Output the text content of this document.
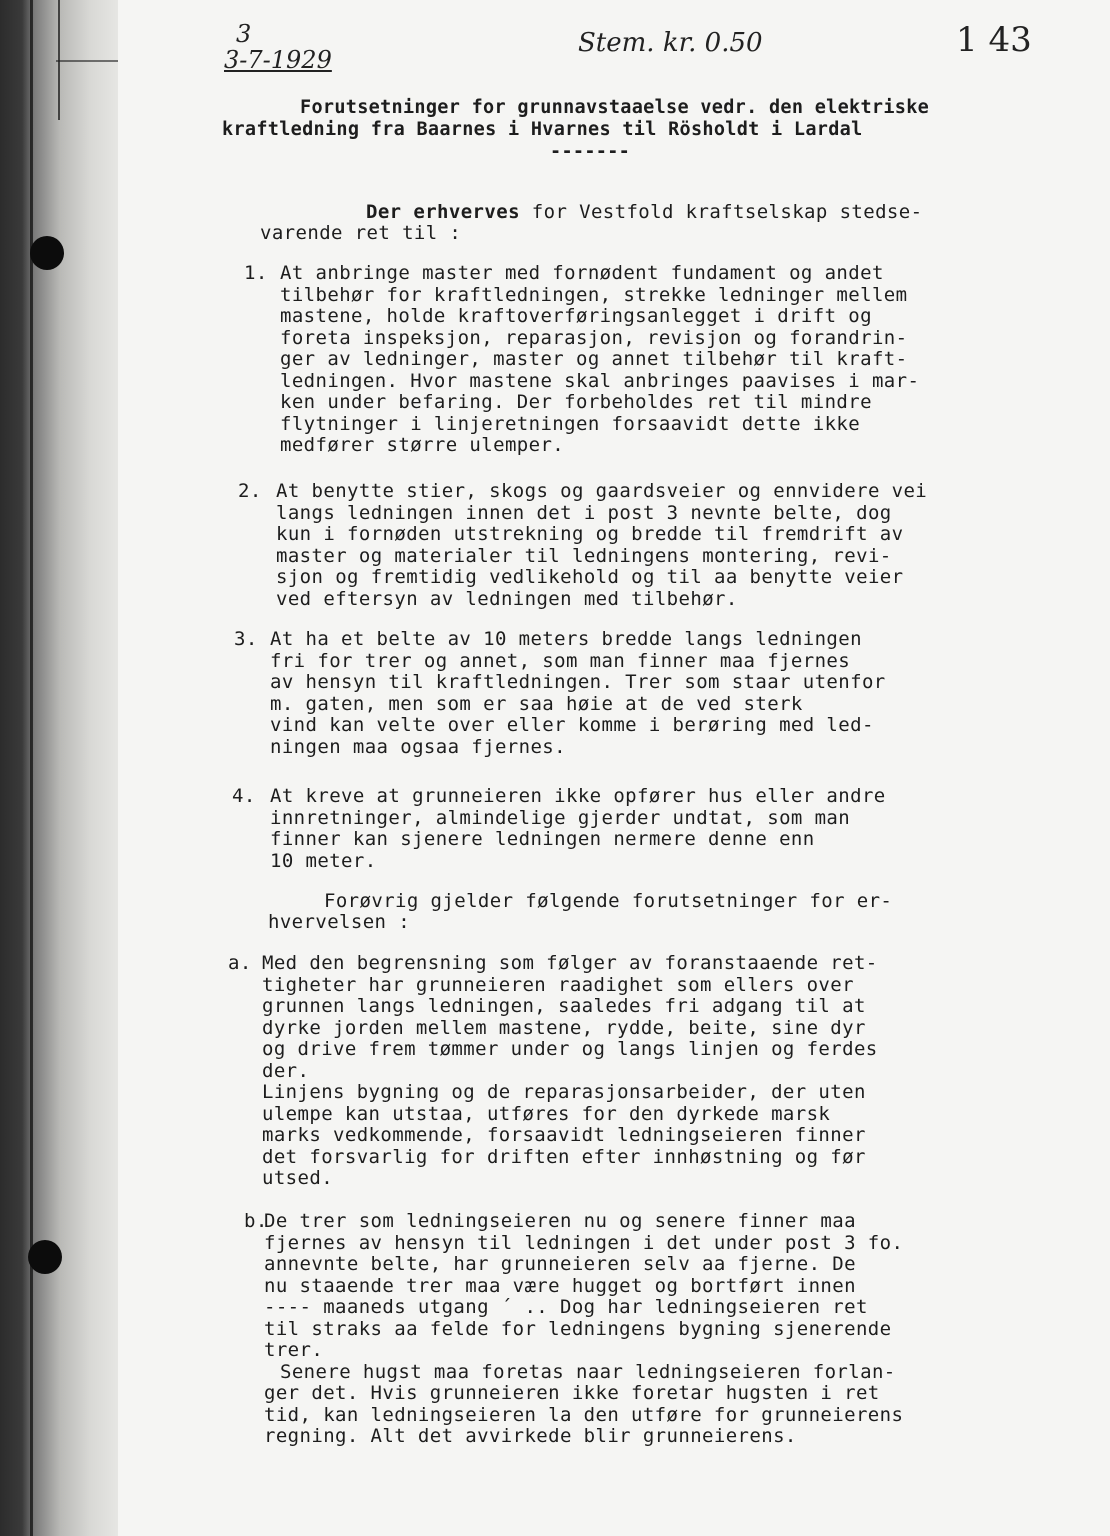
3
3-7-1929
Stem. kr. 0.50	1 43
Forutsetninger for grunnavstaaelse vedr. den elektriske
kraftledning fra Baarnes i Hvarnes til Rösholdt i Lardal
-------
Der erhverves for Vestfold kraftselskap stedse-
varende ret til :
1. At anbringe master med fornødent fundament og andet
tilbehør for kraftledningen, strekke ledninger mellem
mastene, holde kraftoverføringsanlegget i drift og
foreta inspeksjon, reparasjon, revisjon og forandrin-
ger av ledninger, master og annet tilbehør til kraft-
ledningen. Hvor mastene skal anbringes paavises i mar-
ken under befaring. Der forbeholdes ret til mindre
flytninger i linjeretningen forsaavidt dette ikke
medfører større ulemper.
2. At benytte stier, skogs og gaardsveier og ennvidere vei
langs ledningen innen det i post 3 nevnte belte, dog
kun i fornøden utstrekning og bredde til fremdrift av
master og materialer til ledningens montering, revi-
sjon og fremtidig vedlikehold og til aa benytte veier
ved eftersyn av ledningen med tilbehør.
3. At ha et belte av 10 meters bredde langs ledningen
fri for trer og annet, som man finner maa fjernes
av hensyn til kraftledningen. Trer som staar utenfor
m. gaten, men som er saa høie at de ved sterk
vind kan velte over eller komme i berøring med led-
ningen maa ogsaa fjernes.
4. At kreve at grunneieren ikke opfører hus eller andre
innretninger, almindelige gjerder undtat, som man
finner kan sjenere ledningen nermere denne enn
10 meter.
Forøvrig gjelder følgende forutsetninger for er-
hvervelsen :
a. Med den begrensning som følger av foranstaaende ret-
tigheter har grunneieren raadighet som ellers over
grunnen langs ledningen, saaledes fri adgang til at
dyrke jorden mellem mastene, rydde, beite, sine dyr
og drive frem tømmer under og langs linjen og ferdes
der.
Linjens bygning og de reparasjonsarbeider, der uten
ulempe kan utstaa, utføres for den dyrkede marsk
marks vedkommende, forsaavidt ledningseieren finner
det forsvarlig for driften efter innhøstning og før
utsed.
b.
De trer som ledningseieren nu og senere finner maa
fjernes av hensyn til ledningen i det under post 3 fo.
annevnte belte, har grunneieren selv aa fjerne. De
nu staaende trer maa være hugget og bortført innen
---- maaneds utgang ´ .. Dog har ledningseieren ret
til straks aa felde for ledningens bygning sjenerende
trer.
Senere hugst maa foretas naar ledningseieren forlan-
ger det. Hvis grunneieren ikke foretar hugsten i ret
tid, kan ledningseieren la den utføre for grunneierens
regning. Alt det avvirkede blir grunneierens.
